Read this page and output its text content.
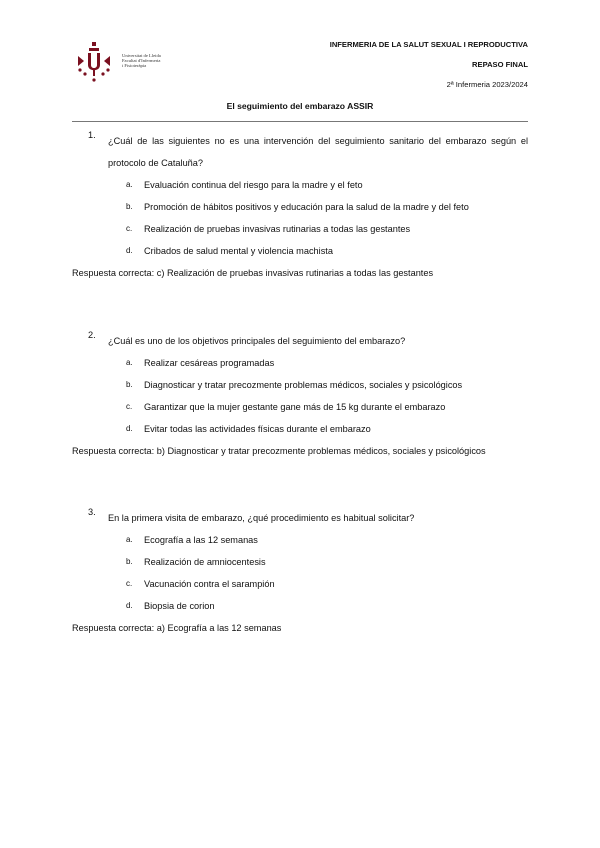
Universitat de Lleida
Facultat d'Infermeria
i Fisioteràpia
INFERMERIA DE LA SALUT SEXUAL I REPRODUCTIVA
REPASO FINAL
2ª Infermeria 2023/2024
El seguimiento del embarazo ASSIR
1.
¿Cuál de las siguientes no es una intervención del seguimiento sanitario del embarazo según el protocolo de Cataluña?
a.	Evaluación continua del riesgo para la madre y el feto
b.	Promoción de hábitos positivos y educación para la salud de la madre y del feto
c.	Realización de pruebas invasivas rutinarias a todas las gestantes
d.	Cribados de salud mental y violencia machista
Respuesta correcta: c) Realización de pruebas invasivas rutinarias a todas las gestantes
2.
¿Cuál es uno de los objetivos principales del seguimiento del embarazo?
a.	Realizar cesáreas programadas
b.	Diagnosticar y tratar precozmente problemas médicos, sociales y psicológicos
c.	Garantizar que la mujer gestante gane más de 15 kg durante el embarazo
d.	Evitar todas las actividades físicas durante el embarazo
Respuesta correcta: b) Diagnosticar y tratar precozmente problemas médicos, sociales y psicológicos
3.
En la primera visita de embarazo, ¿qué procedimiento es habitual solicitar?
a.	Ecografía a las 12 semanas
b.	Realización de amniocentesis
c.	Vacunación contra el sarampión
d.	Biopsia de corion
Respuesta correcta: a) Ecografía a las 12 semanas
